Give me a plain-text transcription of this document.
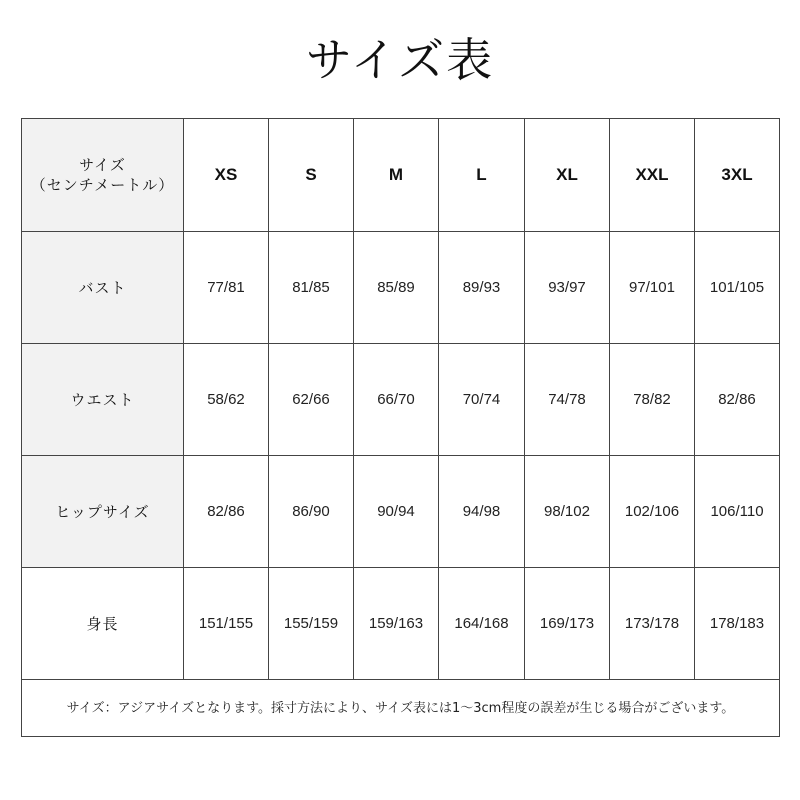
サイズ表
サイズ
（センチメートル）	XS	S	M	L	XL	XXL	3XL
バスト	77/81	81/85	85/89	89/93	93/97	97/101	101/105
ウエスト	58/62	62/66	66/70	70/74	74/78	78/82	82/86
ヒップサイズ	82/86	86/90	90/94	94/98	98/102	102/106	106/110
身長	151/155	155/159	159/163	164/168	169/173	173/178	178/183
サイズ：アジアサイズとなります。採寸方法により、サイズ表には1～3cm程度の誤差が生じる場合がございます。							
